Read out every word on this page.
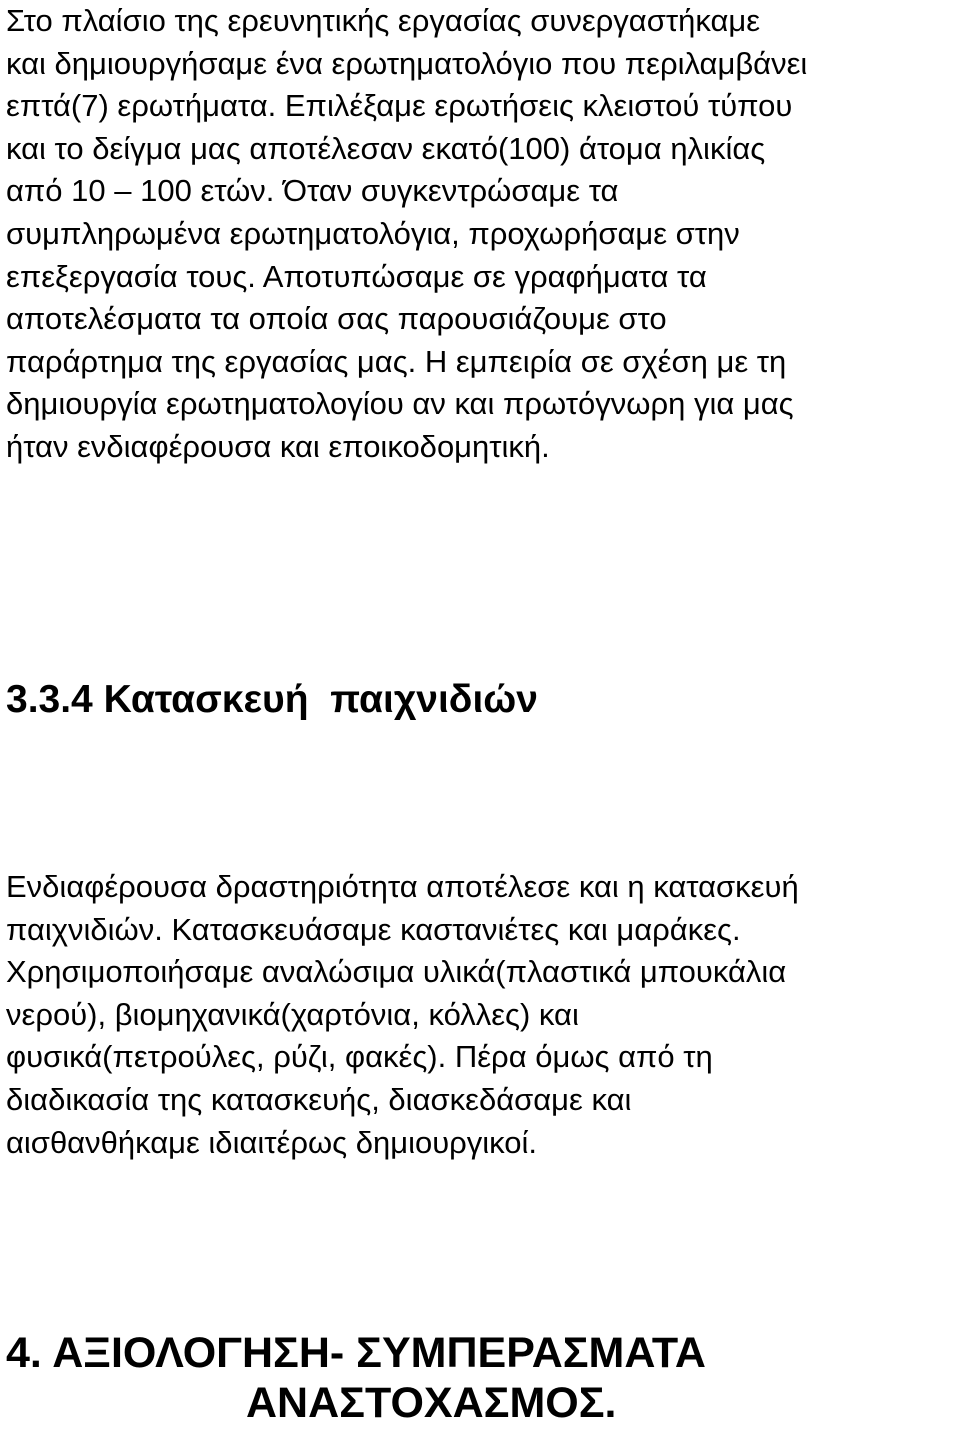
Στο πλαίσιο της ερευνητικής εργασίας συνεργαστήκαμε
και δημιουργήσαμε ένα ερωτηματολόγιο που περιλαμβάνει
επτά(7) ερωτήματα. Επιλέξαμε ερωτήσεις κλειστού τύπου
και το δείγμα μας αποτέλεσαν εκατό(100) άτομα ηλικίας
από 10 – 100 ετών. Όταν συγκεντρώσαμε τα
συμπληρωμένα ερωτηματολόγια, προχωρήσαμε στην
επεξεργασία τους. Αποτυπώσαμε σε γραφήματα τα
αποτελέσματα τα οποία σας παρουσιάζουμε στο
παράρτημα της εργασίας μας. Η εμπειρία σε σχέση με τη
δημιουργία ερωτηματολογίου αν και πρωτόγνωρη για μας
ήταν ενδιαφέρουσα και εποικοδομητική.

3.3.4 Κατασκευή  παιχνιδιών

Ενδιαφέρουσα δραστηριότητα αποτέλεσε και η κατασκευή
παιχνιδιών. Κατασκευάσαμε καστανιέτες και μαράκες.
Χρησιμοποιήσαμε αναλώσιμα υλικά(πλαστικά μπουκάλια
νερού), βιομηχανικά(χαρτόνια, κόλλες) και
φυσικά(πετρούλες, ρύζι, φακές). Πέρα όμως από τη
διαδικασία της κατασκευής, διασκεδάσαμε και
αισθανθήκαμε ιδιαιτέρως δημιουργικοί.

4. ΑΞΙΟΛΟΓΗΣΗ- ΣΥΜΠΕΡΑΣΜΑΤΑ
ΑΝΑΣΤΟΧΑΣΜΟΣ.
